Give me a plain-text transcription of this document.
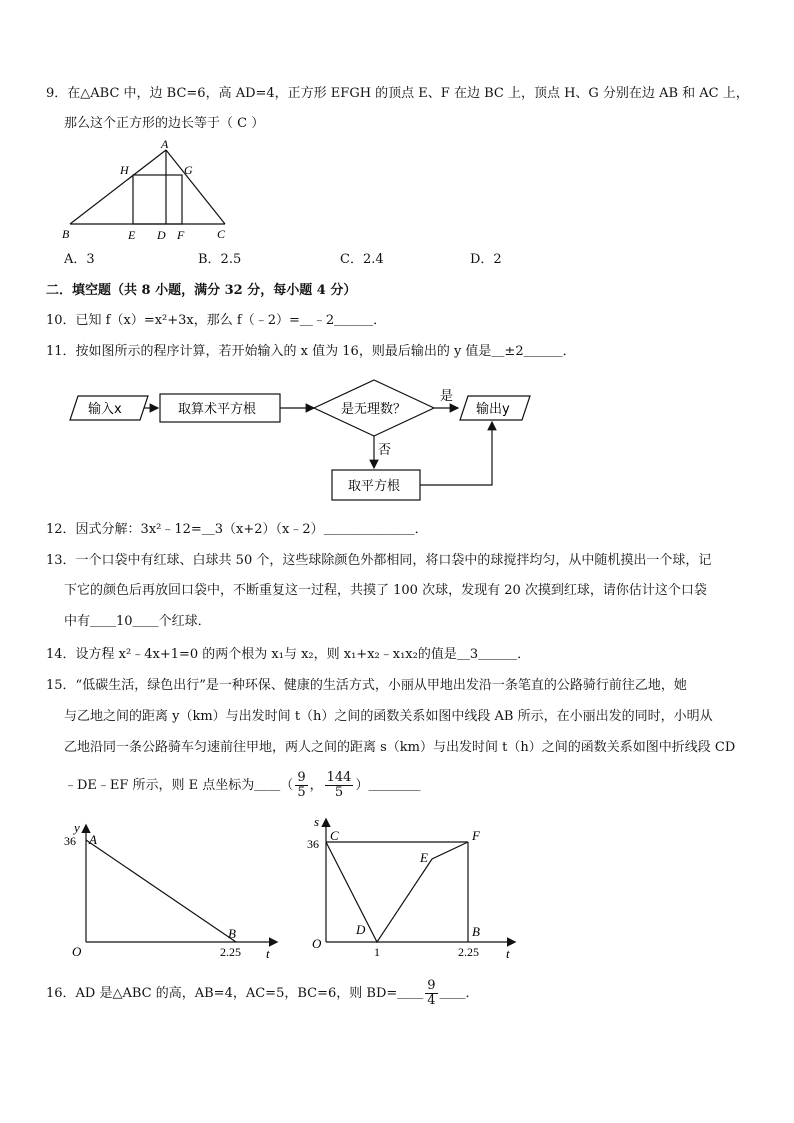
9．在△ABC 中，边 BC=6，高 AD=4，正方形 EFGH 的顶点 E、F 在边 BC 上，顶点 H、G 分别在边 AB 和 AC 上，
那么这个正方形的边长等于（ C ）
A
H	G
B	E D F	C
A．3	B．2.5	C．2.4	D．2
二．填空题（共 8 小题，满分 32 分，每小题 4 分）
10．已知 f（x）=x²+3x，那么 f（﹣2）=＿﹣2＿＿＿．
11．按如图所示的程序计算，若开始输入的 x 值为 16，则最后输出的 y 值是＿±2＿＿＿．
输入x	取算术平方根	是无理数？
是
输出y
否
取平方根
12．因式分解：3x²﹣12=＿3（x+2）（x﹣2）＿＿＿＿＿＿＿．
13．一个口袋中有红球、白球共 50 个，这些球除颜色外都相同，将口袋中的球搅拌均匀，从中随机摸出一个球，记
下它的颜色后再放回口袋中，不断重复这一过程，共摸了 100 次球，发现有 20 次摸到红球，请你估计这个口袋
中有＿＿10＿＿个红球．
14．设方程 x²﹣4x+1=0 的两个根为 x₁与 x₂，则 x₁+x₂﹣x₁x₂的值是＿3＿＿＿．
15．“低碳生活，绿色出行”是一种环保、健康的生活方式，小丽从甲地出发沿一条笔直的公路骑行前往乙地，她
与乙地之间的距离 y（km）与出发时间 t（h）之间的函数关系如图中线段 AB 所示，在小丽出发的同时，小明从
乙地沿同一条公路骑车匀速前往甲地，两人之间的距离 s（km）与出发时间 t（h）之间的函数关系如图中折线段 CD
﹣DE﹣EF 所示，则 E 点坐标为＿＿（ $\frac{9}{5}$ ， $\frac{144}{5}$ ）＿＿＿＿
y
t
O
36 A
B
2.25
s
t
O
36
C
D
E
F
B
1	2.25
16．AD 是△ABC 的高，AB=4，AC=5，BC=6，则 BD=＿＿ $\frac{9}{4}$ ＿＿．
